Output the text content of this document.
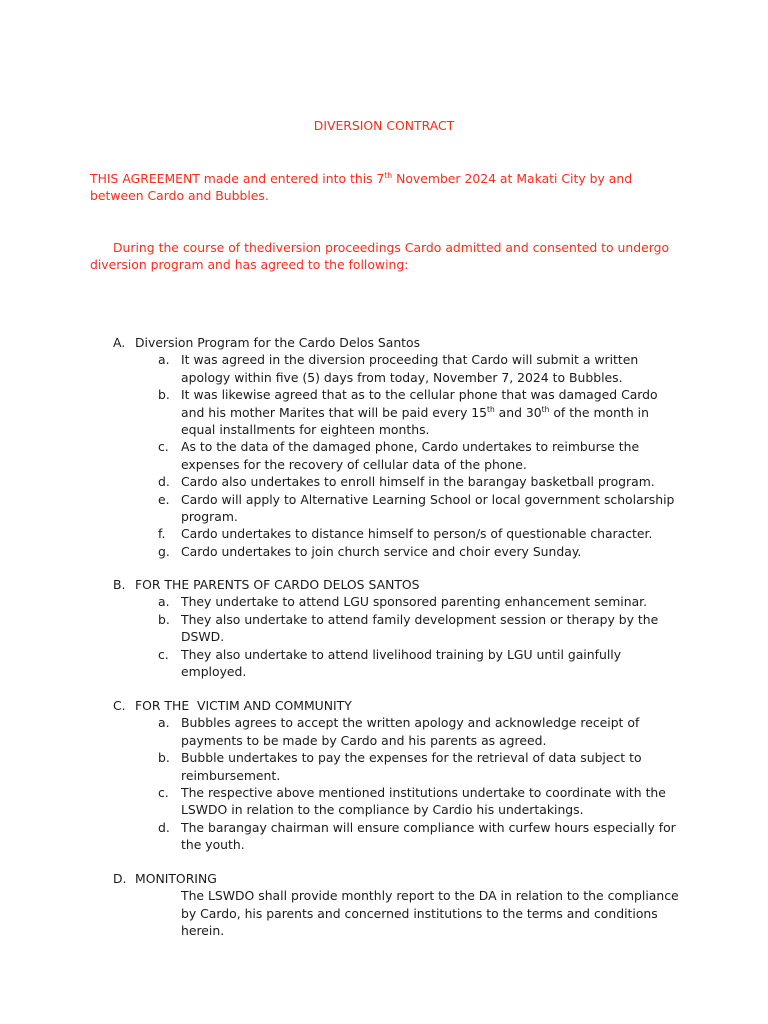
DIVERSION CONTRACT
THIS AGREEMENT made and entered into this 7th November 2024 at Makati City by and between Cardo and Bubbles.
During the course of thediversion proceedings Cardo admitted and consented to undergo diversion program and has agreed to the following:
A. Diversion Program for the Cardo Delos Santos
a. It was agreed in the diversion proceeding that Cardo will submit a written apology within five (5) days from today, November 7, 2024 to Bubbles.
b. It was likewise agreed that as to the cellular phone that was damaged Cardo and his mother Marites that will be paid every 15th and 30th of the month in equal installments for eighteen months.
c. As to the data of the damaged phone, Cardo undertakes to reimburse the expenses for the recovery of cellular data of the phone.
d. Cardo also undertakes to enroll himself in the barangay basketball program.
e. Cardo will apply to Alternative Learning School or local government scholarship program.
f.	Cardo undertakes to distance himself to person/s of questionable character.
g. Cardo undertakes to join church service and choir every Sunday.
B. FOR THE PARENTS OF CARDO DELOS SANTOS
a. They undertake to attend LGU sponsored parenting enhancement seminar.
b. They also undertake to attend family development session or therapy by the DSWD.
c. They also undertake to attend livelihood training by LGU until gainfully employed.
C. FOR THE  VICTIM AND COMMUNITY
a. Bubbles agrees to accept the written apology and acknowledge receipt of payments to be made by Cardo and his parents as agreed.
b. Bubble undertakes to pay the expenses for the retrieval of data subject to reimbursement.
c. The respective above mentioned institutions undertake to coordinate with the LSWDO in relation to the compliance by Cardio his undertakings.
d. The barangay chairman will ensure compliance with curfew hours especially for the youth.
D. MONITORING
The LSWDO shall provide monthly report to the DA in relation to the compliance by Cardo, his parents and concerned institutions to the terms and conditions herein.
